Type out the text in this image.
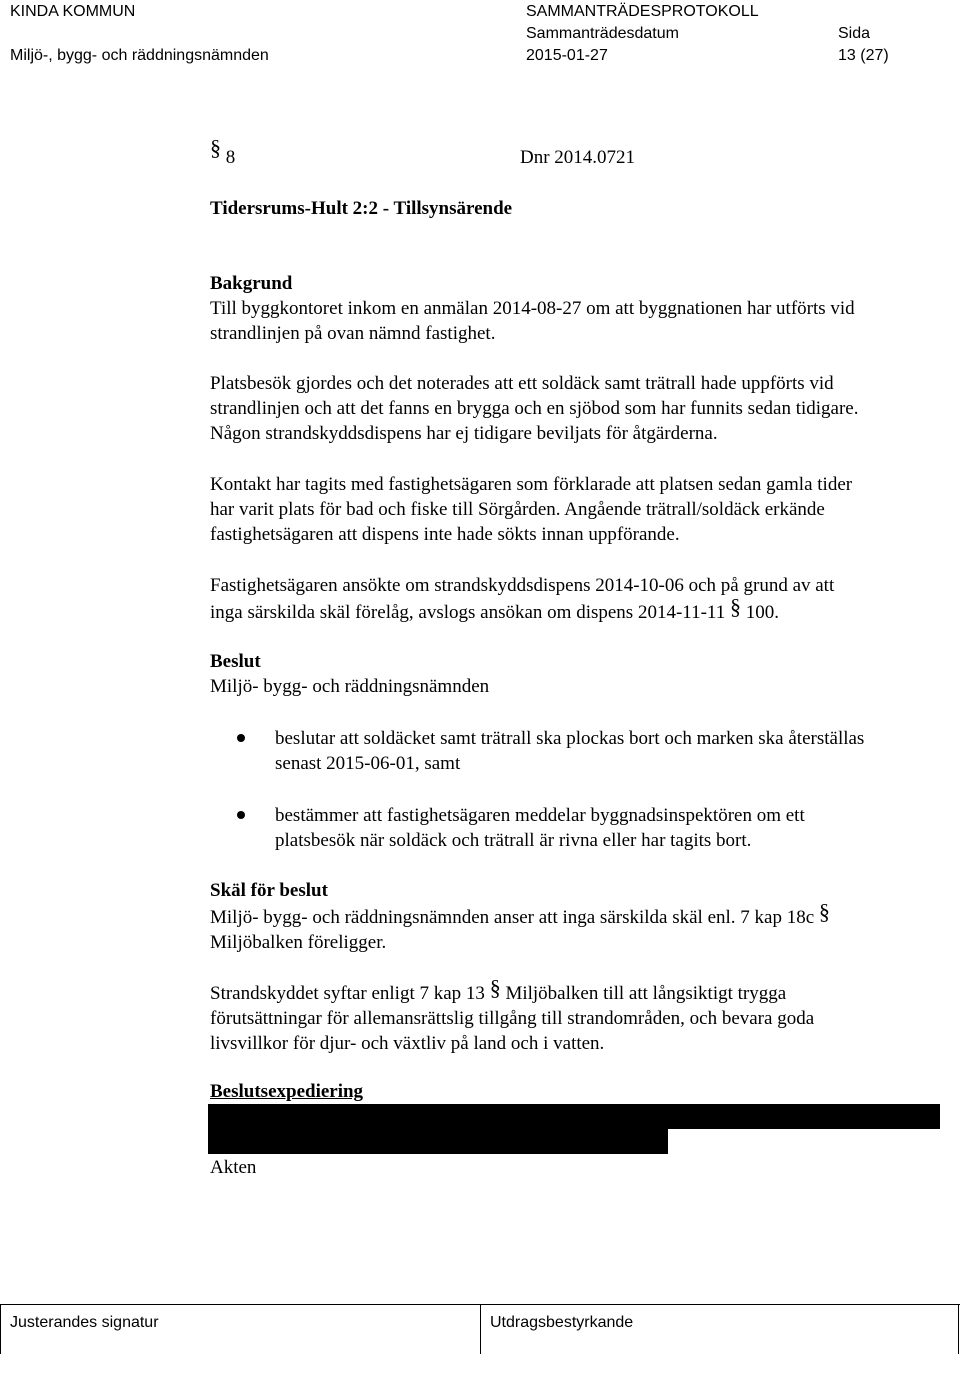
KINDA KOMMUN
Miljö-, bygg- och räddningsnämnden
SAMMANTRÄDESPROTOKOLL
Sammanträdesdatum
2015-01-27
Sida
13 (27)
§ 8	Dnr 2014.0721
Tidersrums-Hult 2:2 - Tillsynsärende
Bakgrund
Till byggkontoret inkom en anmälan 2014-08-27 om att byggnationen har utförts vid
strandlinjen på ovan nämnd fastighet.
Platsbesök gjordes och det noterades att ett soldäck samt trätrall hade uppförts vid
strandlinjen och att det fanns en brygga och en sjöbod som har funnits sedan tidigare.
Någon strandskyddsdispens har ej tidigare beviljats för åtgärderna.
Kontakt har tagits med fastighetsägaren som förklarade att platsen sedan gamla tider
har varit plats för bad och fiske till Sörgården. Angående trätrall/soldäck erkände
fastighetsägaren att dispens inte hade sökts innan uppförande.
Fastighetsägaren ansökte om strandskyddsdispens 2014-10-06 och på grund av att
inga särskilda skäl förelåg, avslogs ansökan om dispens 2014-11-11 § 100.
Beslut
Miljö- bygg- och räddningsnämnden
beslutar att soldäcket samt trätrall ska plockas bort och marken ska återställas
senast 2015-06-01, samt
bestämmer att fastighetsägaren meddelar byggnadsinspektören om ett
platsbesök när soldäck och trätrall är rivna eller har tagits bort.
Skäl för beslut
Miljö- bygg- och räddningsnämnden anser att inga särskilda skäl enl. 7 kap 18c §
Miljöbalken föreligger.
Strandskyddet syftar enligt 7 kap 13 § Miljöbalken till att långsiktigt trygga
förutsättningar för allemansrättslig tillgång till strandområden, och bevara goda
livsvillkor för djur- och växtliv på land och i vatten.
Beslutsexpediering
Akten
Justerandes signatur	Utdragsbestyrkande
